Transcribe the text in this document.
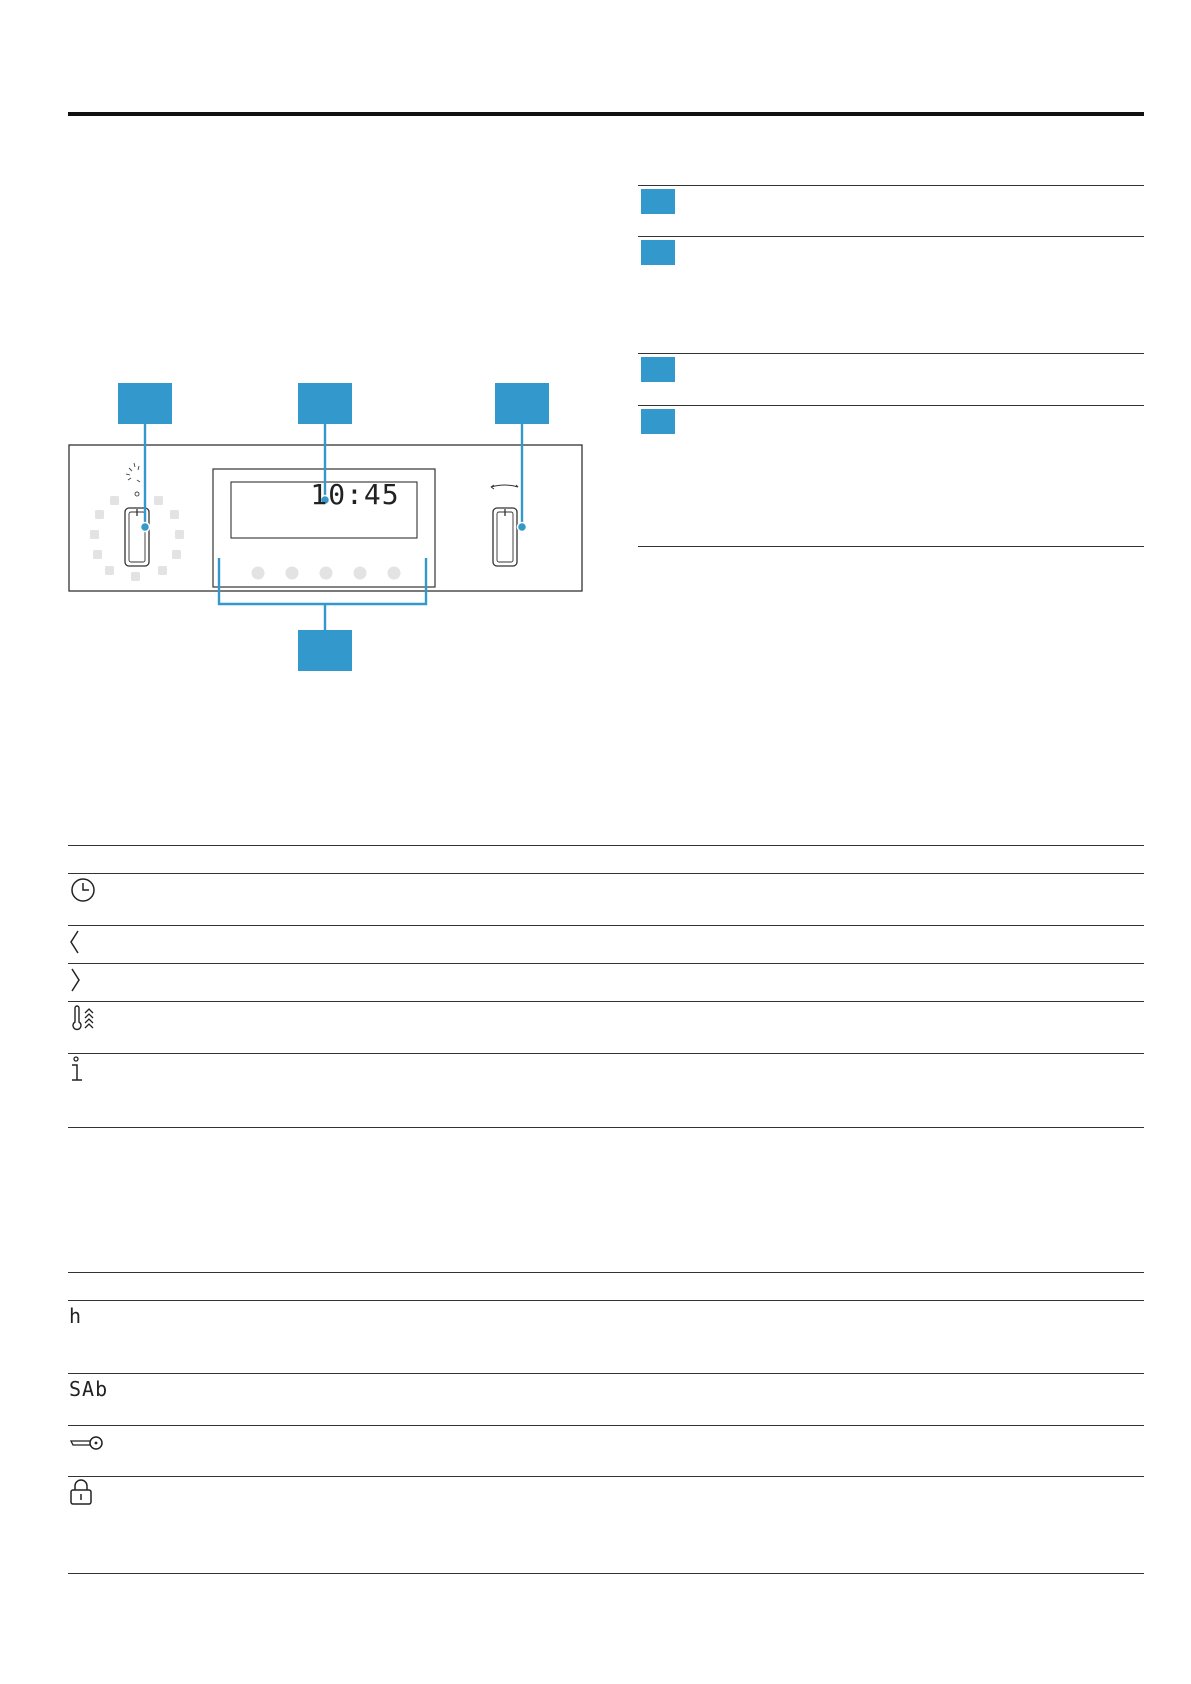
10:45
h
SAb
